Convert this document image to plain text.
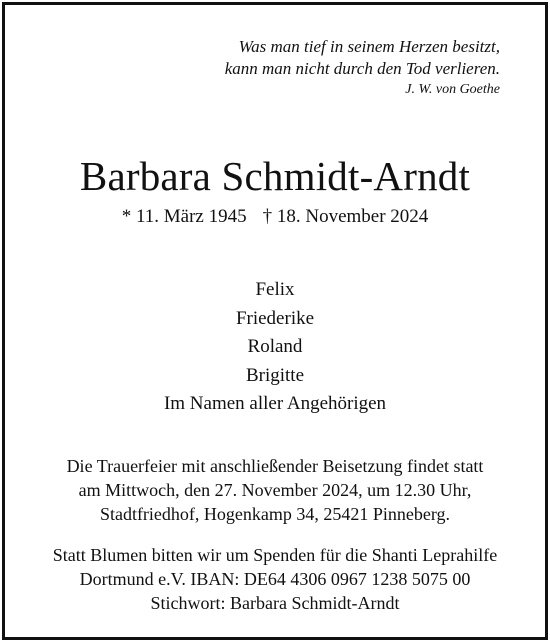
Was man tief in seinem Herzen besitzt,
kann man nicht durch den Tod verlieren.
J. W. von Goethe
Barbara Schmidt-Arndt
* 11. März 1945 † 18. November 2024
Felix
Friederike
Roland
Brigitte
Im Namen aller Angehörigen
Die Trauerfeier mit anschließender Beisetzung findet statt
am Mittwoch, den 27. November 2024, um 12.30 Uhr,
Stadtfriedhof, Hogenkamp 34, 25421 Pinneberg.
Statt Blumen bitten wir um Spenden für die Shanti Leprahilfe
Dortmund e.V. IBAN: DE64 4306 0967 1238 5075 00
Stichwort: Barbara Schmidt-Arndt
